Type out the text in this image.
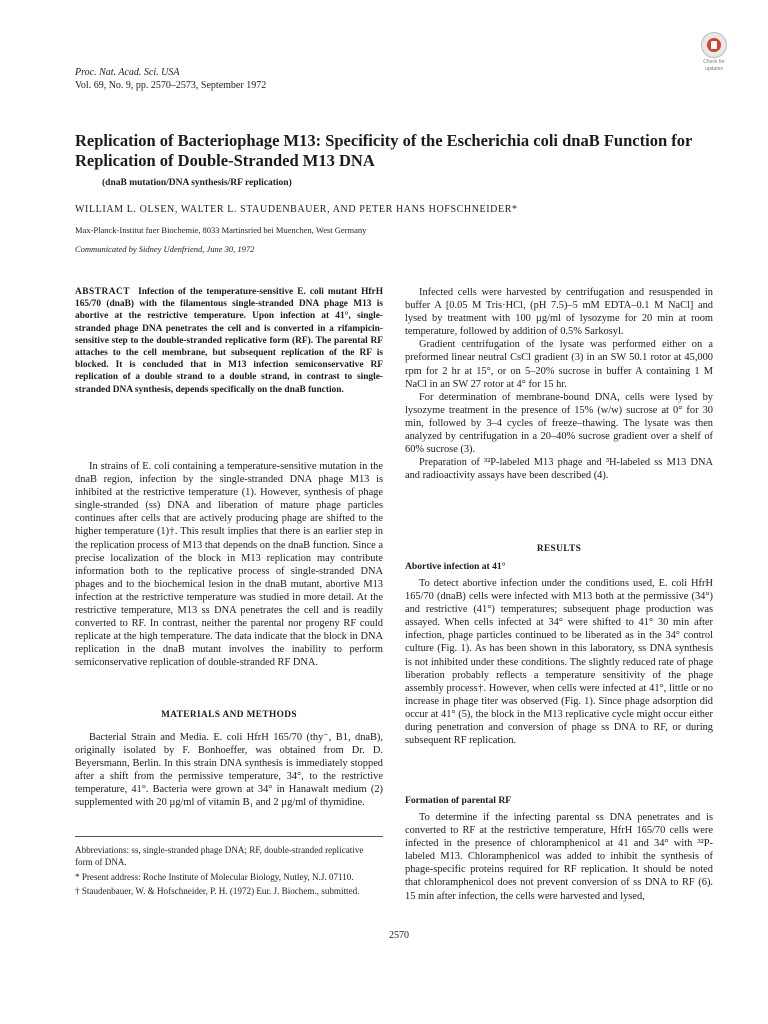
Proc. Nat. Acad. Sci. USA
Vol. 69, No. 9, pp. 2570–2573, September 1972
Check for
updates
Replication of Bacteriophage M13: Specificity of the Escherichia coli dnaB Function for Replication of Double-Stranded M13 DNA
(dnaB mutation/DNA synthesis/RF replication)
WILLIAM L. OLSEN, WALTER L. STAUDENBAUER, AND PETER HANS HOFSCHNEIDER*
Max-Planck-Institut fuer Biochemie, 8033 Martinsried bei Muenchen, West Germany
Communicated by Sidney Udenfriend, June 30, 1972
ABSTRACT Infection of the temperature-sensitive E. coli mutant HfrH 165/70 (dnaB) with the filamentous single-stranded DNA phage M13 is abortive at the restrictive temperature. Upon infection at 41°, single-stranded phage DNA penetrates the cell and is converted in a rifampicin-sensitive step to the double-stranded replicative form (RF). The parental RF attaches to the cell membrane, but subsequent replication of the RF is blocked. It is concluded that in M13 infection semiconservative RF replication of a double strand to a double strand, in contrast to single-stranded DNA synthesis, depends specifically on the dnaB function.
In strains of E. coli containing a temperature-sensitive mutation in the dnaB region, infection by the single-stranded DNA phage M13 is inhibited at the restrictive temperature (1). However, synthesis of phage single-stranded (ss) DNA and liberation of mature phage particles continues after cells that are actively producing phage are shifted to the higher temperature (1)†. This result implies that there is an earlier step in the replication process of M13 that depends on the dnaB function. Since a precise localization of the block in M13 replication may contribute information both to the replicative process of single-stranded DNA phages and to the biochemical lesion in the dnaB mutant, abortive M13 infection at the restrictive temperature was studied in more detail. At the restrictive temperature, M13 ss DNA penetrates the cell and is readily converted to RF. In contrast, neither the parental nor progeny RF could replicate at the high temperature. The data indicate that the block in DNA replication in the dnaB mutant involves the inability to perform semiconservative replication of double-stranded RF DNA.
MATERIALS AND METHODS
Bacterial Strain and Media. E. coli HfrH 165/70 (thy⁻, B1, dnaB), originally isolated by F. Bonhoeffer, was obtained from Dr. D. Beyersmann, Berlin. In this strain DNA synthesis is immediately stopped after a shift from the permissive temperature, 34°, to the restrictive temperature, 41°. Bacteria were grown at 34° in Hanawalt medium (2) supplemented with 20 µg/ml of vitamin B₁ and 2 µg/ml of thymidine.

Abbreviations: ss, single-stranded phage DNA; RF, double-stranded replicative form of DNA.

* Present address: Roche Institute of Molecular Biology, Nutley, N.J. 07110.

† Staudenbauer, W. & Hofschneider, P. H. (1972) Eur. J. Biochem., submitted.

Infected cells were harvested by centrifugation and resuspended in buffer A [0.05 M Tris·HCl, (pH 7.5)–5 mM EDTA–0.1 M NaCl] and lysed by treatment with 100 µg/ml of lysozyme for 20 min at room temperature, followed by addition of 0.5% Sarkosyl.

Gradient centrifugation of the lysate was performed either on a preformed linear neutral CsCl gradient (3) in an SW 50.1 rotor at 45,000 rpm for 2 hr at 15°, or on 5–20% sucrose in buffer A containing 1 M NaCl in an SW 27 rotor at 4° for 15 hr.

For determination of membrane-bound DNA, cells were lysed by lysozyme treatment in the presence of 15% (w/w) sucrose at 0° for 30 min, followed by 3–4 cycles of freeze–thawing. The lysate was then analyzed by centrifugation in a 20–40% sucrose gradient over a shelf of 60% sucrose (3).

Preparation of ³²P-labeled M13 phage and ³H-labeled ss M13 DNA and radioactivity assays have been described (4).

RESULTS
Abortive infection at 41°
To detect abortive infection under the conditions used, E. coli HfrH 165/70 (dnaB) cells were infected with M13 both at the permissive (34°) and restrictive (41°) temperatures; subsequent phage production was assayed. When cells infected at 34° were shifted to 41° 30 min after infection, phage particles continued to be liberated as in the 34° control culture (Fig. 1). As has been shown in this laboratory, ss DNA synthesis is not inhibited under these conditions. The slightly reduced rate of phage liberation probably reflects a temperature sensitivity of the phage assembly process†. However, when cells were infected at 41°, little or no increase in phage titer was observed (Fig. 1). Since phage adsorption did occur at 41° (5), the block in the M13 replicative cycle might occur either during penetration and conversion of phage ss DNA to RF, or during subsequent RF replication.
Formation of parental RF
To determine if the infecting parental ss DNA penetrates and is converted to RF at the restrictive temperature, HfrH 165/70 cells were infected in the presence of chloramphenicol at 41 and 34° with ³²P-labeled M13. Chloramphenicol was added to inhibit the synthesis of phage-specific proteins required for RF replication. It should be noted that chloramphenicol does not prevent conversion of ss DNA to RF (6). 15 min after infection, the cells were harvested and lysed,
2570
